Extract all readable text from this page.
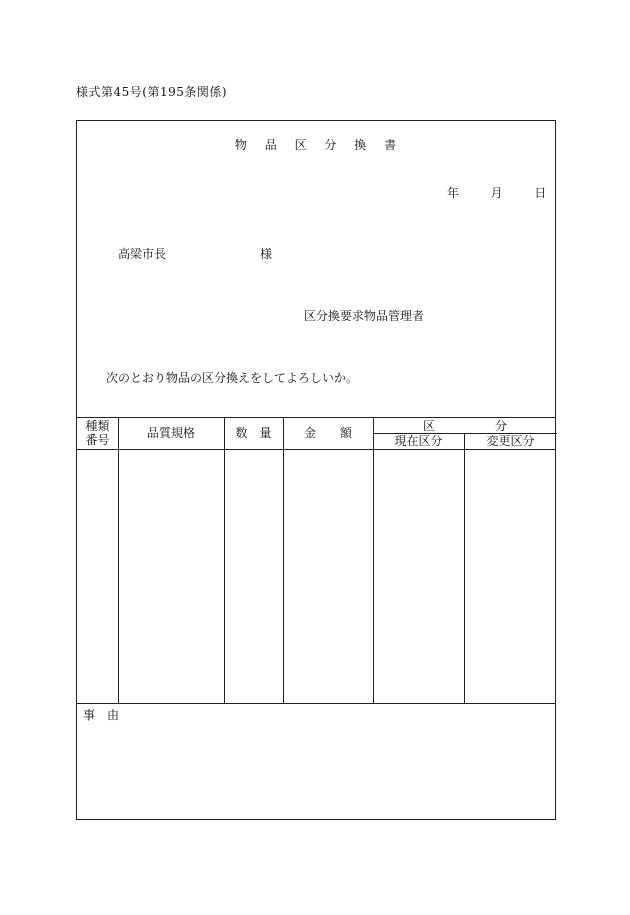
様式第45号(第195条関係)
物 品 区 分 換 書
年	月	日
高梁市長	様
区分換要求物品管理者
次のとおり物品の区分換えをしてよろしいか。
種類
番号	品質規格	数　量	金　　額	区　　　　　分
現在区分	変更区分
事　由
